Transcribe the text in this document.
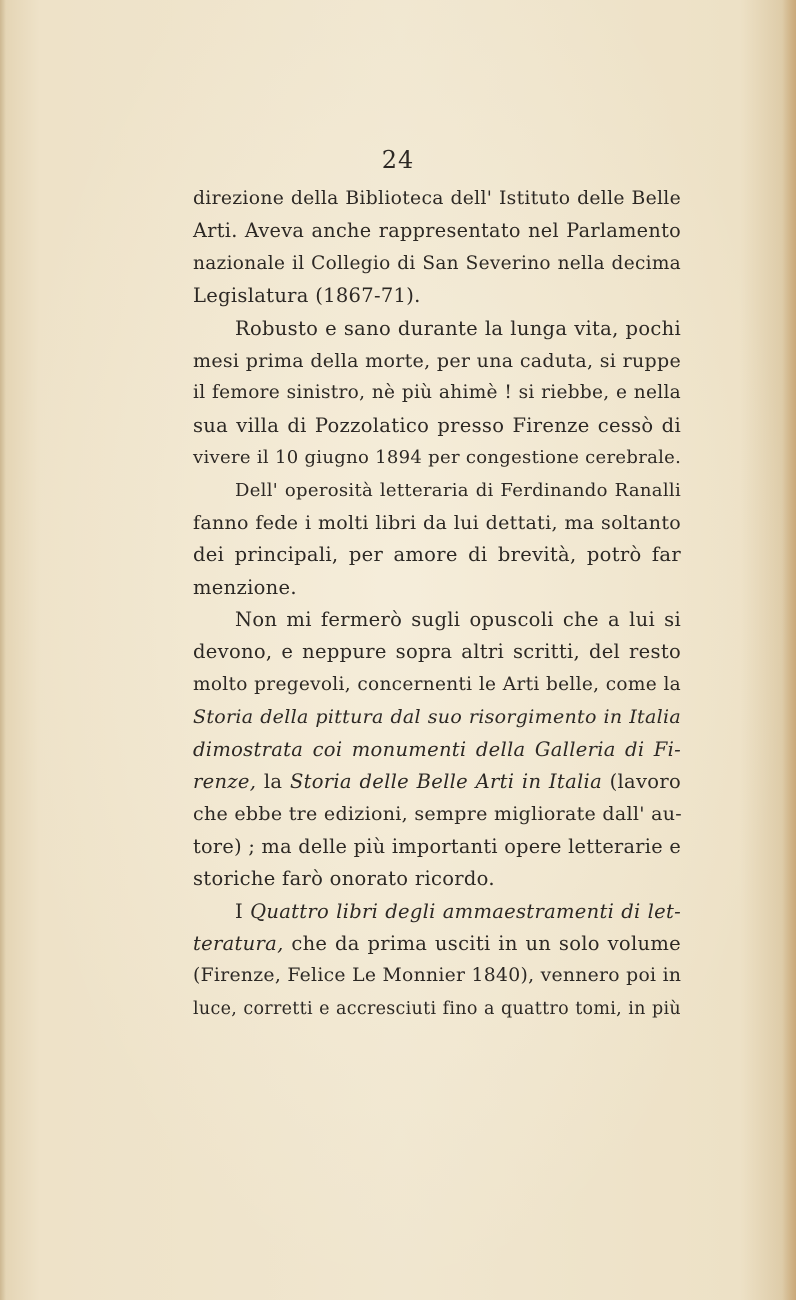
24
direzione della Biblioteca dell' Istituto delle Belle
Arti. Aveva anche rappresentato nel Parlamento
nazionale il Collegio di San Severino nella decima
Legislatura (1867-71).
Robusto e sano durante la lunga vita, pochi
mesi prima della morte, per una caduta, si ruppe
il femore sinistro, nè più ahimè ! si riebbe, e nella
sua villa di Pozzolatico presso Firenze cessò di
vivere il 10 giugno 1894 per congestione cerebrale.
Dell' operosità letteraria di Ferdinando Ranalli
fanno fede i molti libri da lui dettati, ma soltanto
dei principali, per amore di brevità, potrò far
menzione.
Non mi fermerò sugli opuscoli che a lui si
devono, e neppure sopra altri scritti, del resto
molto pregevoli, concernenti le Arti belle, come la
Storia della pittura dal suo risorgimento in Italia
dimostrata coi monumenti della Galleria di Fi-
renze, la Storia delle Belle Arti in Italia (lavoro
che ebbe tre edizioni, sempre migliorate dall' au-
tore) ; ma delle più importanti opere letterarie e
storiche farò onorato ricordo.
I Quattro libri degli ammaestramenti di let-
teratura, che da prima usciti in un solo volume
(Firenze, Felice Le Monnier 1840), vennero poi in
luce, corretti e accresciuti fino a quattro tomi, in più
